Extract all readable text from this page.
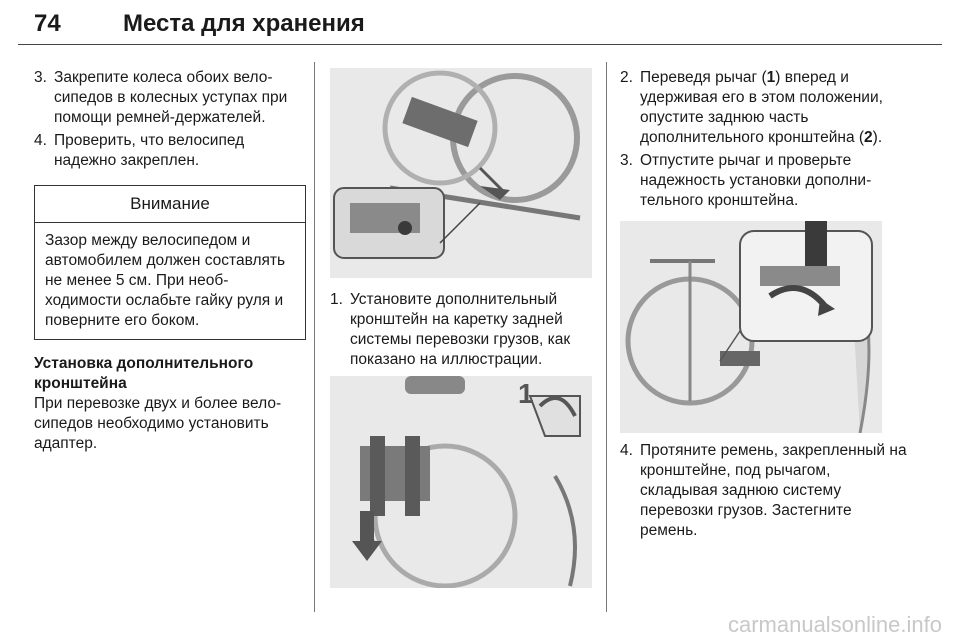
74	Места для хранения
3. Закрепите колеса обоих велосипедов в колесных уступах при помощи ремней-держателей.
4. Проверить, что велосипед надежно закреплен.
Внимание
Зазор между велосипедом и автомобилем должен составлять не менее 5 см. При необходимости ослабьте гайку руля и поверните его боком.
Установка дополнительного кронштейна
При перевозке двух и более велосипедов необходимо установить адаптер.
1. Установите дополнительный кронштейн на каретку задней системы перевозки грузов, как показано на иллюстрации.
1
2
2. Переведя рычаг (1) вперед и удерживая его в этом положении, опустите заднюю часть дополнительного кронштейна (2).
3. Отпустите рычаг и проверьте надежность установки дополнительного кронштейна.
4. Протяните ремень, закрепленный на кронштейне, под рычагом, складывая заднюю систему перевозки грузов. Застегните ремень.
carmanualsonline.info
